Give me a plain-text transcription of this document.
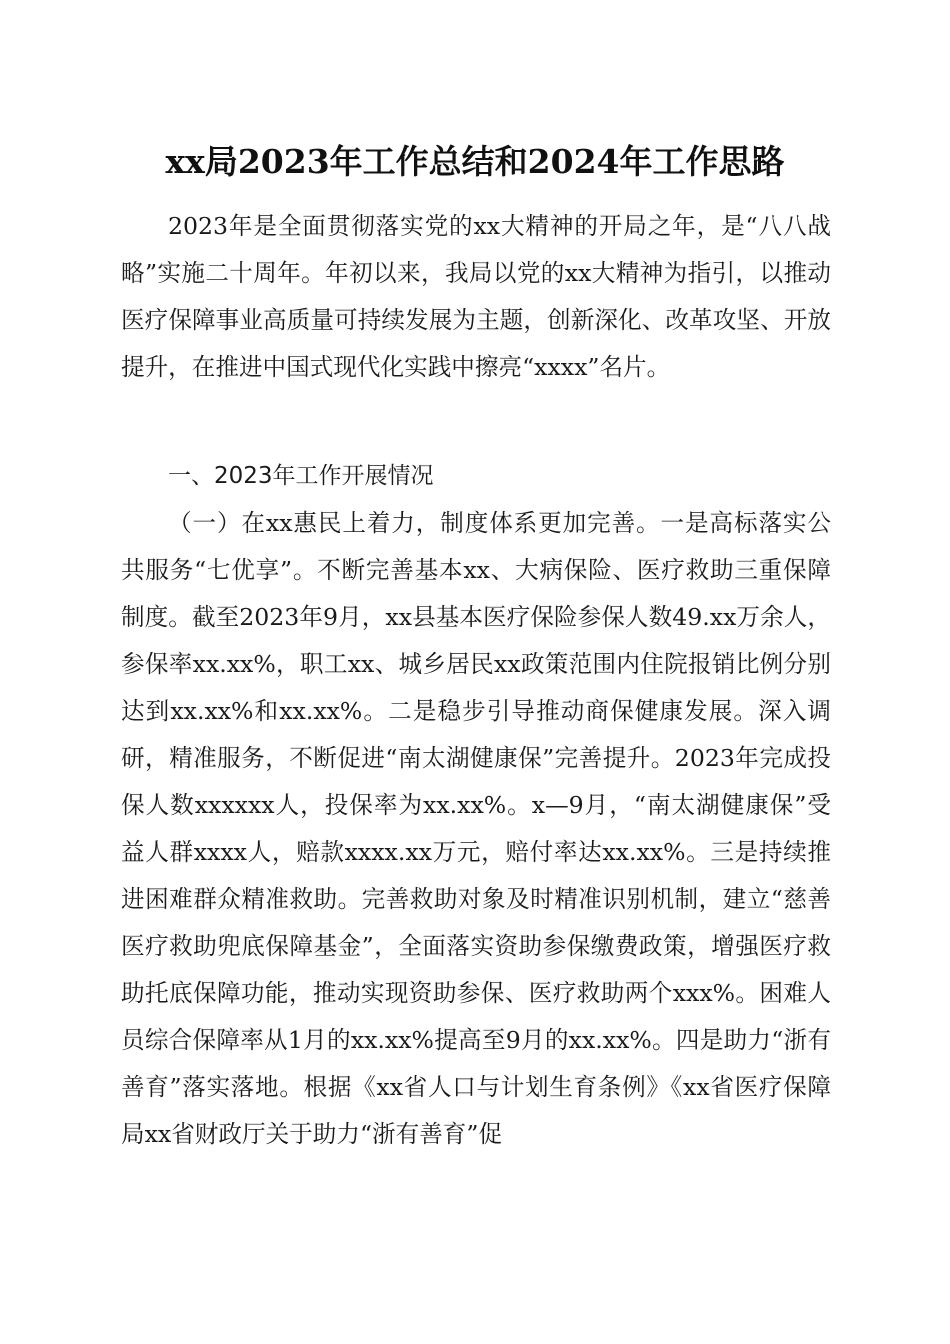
xx局2023年工作总结和2024年工作思路

2023年是全面贯彻落实党的xx大精神的开局之年，是“八八战略”实施二十周年。年初以来，我局以党的xx大精神为指引，以推动医疗保障事业高质量可持续发展为主题，创新深化、改革攻坚、开放提升，在推进中国式现代化实践中擦亮“xxxx”名片。

一、2023年工作开展情况

（一）在xx惠民上着力，制度体系更加完善。一是高标落实公共服务“七优享”。不断完善基本xx、大病保险、医疗救助三重保障制度。截至2023年9月，xx县基本医疗保险参保人数49.xx万余人，参保率xx.xx%，职工xx、城乡居民xx政策范围内住院报销比例分别达到xx.xx%和xx.xx%。二是稳步引导推动商保健康发展。深入调研，精准服务，不断促进“南太湖健康保”完善提升。2023年完成投保人数xxxxxx人，投保率为xx.xx%。x—9月，“南太湖健康保”受益人群xxxx人，赔款xxxx.xx万元，赔付率达xx.xx%。三是持续推进困难群众精准救助。完善救助对象及时精准识别机制，建立“慈善医疗救助兜底保障基金”，全面落实资助参保缴费政策，增强医疗救助托底保障功能，推动实现资助参保、医疗救助两个xxx%。困难人员综合保障率从1月的xx.xx%提高至9月的xx.xx%。四是助力“浙有善育”落实落地。根据《xx省人口与计划生育条例》《xx省医疗保障局xx省财政厅关于助力“浙有善育”促
